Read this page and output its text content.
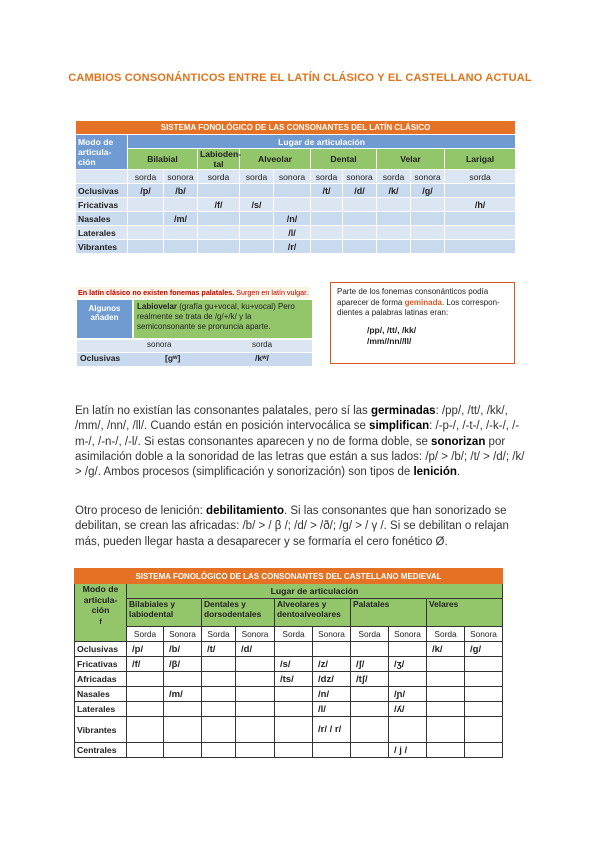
CAMBIOS CONSONÁNTICOS ENTRE EL LATÍN CLÁSICO Y EL CASTELLANO ACTUAL
SISTEMA FONOLÓGICO DE LAS CONSONANTES DEL LATÍN CLÁSICO										
Modo de articula-ción	Lugar de articulación									

	Bilabial		Labioden-tal	Alveolar		Dental		Velar		Larigal
	sorda	sonora	sorda	sorda	sonora	sorda	sonora	sorda	sonora	sorda
Oclusivas	/p/	/b/				/t/	/d/	/k/	/g/	
Fricativas			/f/	/s/						/h/
Nasales		/m/			/n/					
Laterales					/l/					
Vibrantes					/r/					
En latín clásico no existen fonemas palatales. Surgen en latín vulgar.
Algunos añaden
Labiovelar (grafía gu+vocal, ku+vocal) Pero realmente se trata de /g/+/k/ y la semiconsonante se pronuncia aparte.
sonora	sorda
Oclusivas	[gʷ]	/kʷ/
Parte de los fonemas consonánticos podía aparecer de forma geminada. Los correspon-dientes a palabras latinas eran:
/pp/, /tt/, /kk/
/mm//nn//ll/
En latín no existían las consonantes palatales, pero sí las germinadas: /pp/, /tt/, /kk/, /mm/, /nn/, /ll/. Cuando están en posición intervocálica se simplifican: /-p-/, /-t-/, /-k-/, /-m-/, /-n-/, /-l/. Si estas consonantes aparecen y no de forma doble, se sonorizan por asimilación doble a la sonoridad de las letras que están a sus lados: /p/ > /b/; /t/ > /d/; /k/ > /g/. Ambos procesos (simplificación y sonorización) son tipos de lenición.
Otro proceso de lenición: debilitamiento. Si las consonantes que han sonorizado se debilitan, se crean las africadas: /b/ > / β /; /d/ > /ð/; /g/ > / γ /. Si se debilitan o relajan más, pueden llegar hasta a desaparecer y se formaría el cero fonético Ø.
SISTEMA FONOLÓGICO DE LAS CONSONANTES DEL CASTELLANO MEDIEVAL										
Modo de articula-ción
f	Lugar de articulación									
	Bilabiales y labiodental		Dentales y dorsodentales		Alveolares y dentoalveolares		Palatales		Velares	
	Sorda	Sonora	Sorda	Sonora	Sorda	Sonora	Sorda	Sonora	Sorda	Sonora
Oclusivas	/p/	/b/	/t/	/d/					/k/	/g/
Fricativas	/f/	/β/			/s/	/z/	/ʃ/	/ʒ/		
Africadas					/ts/	/dz/	/tʃ/			
Nasales		/m/				/n/		/ɲ/		
Laterales						/l/		/ʎ/		
Vibrantes						/r/ / r/				
Centrales								/ j /		
